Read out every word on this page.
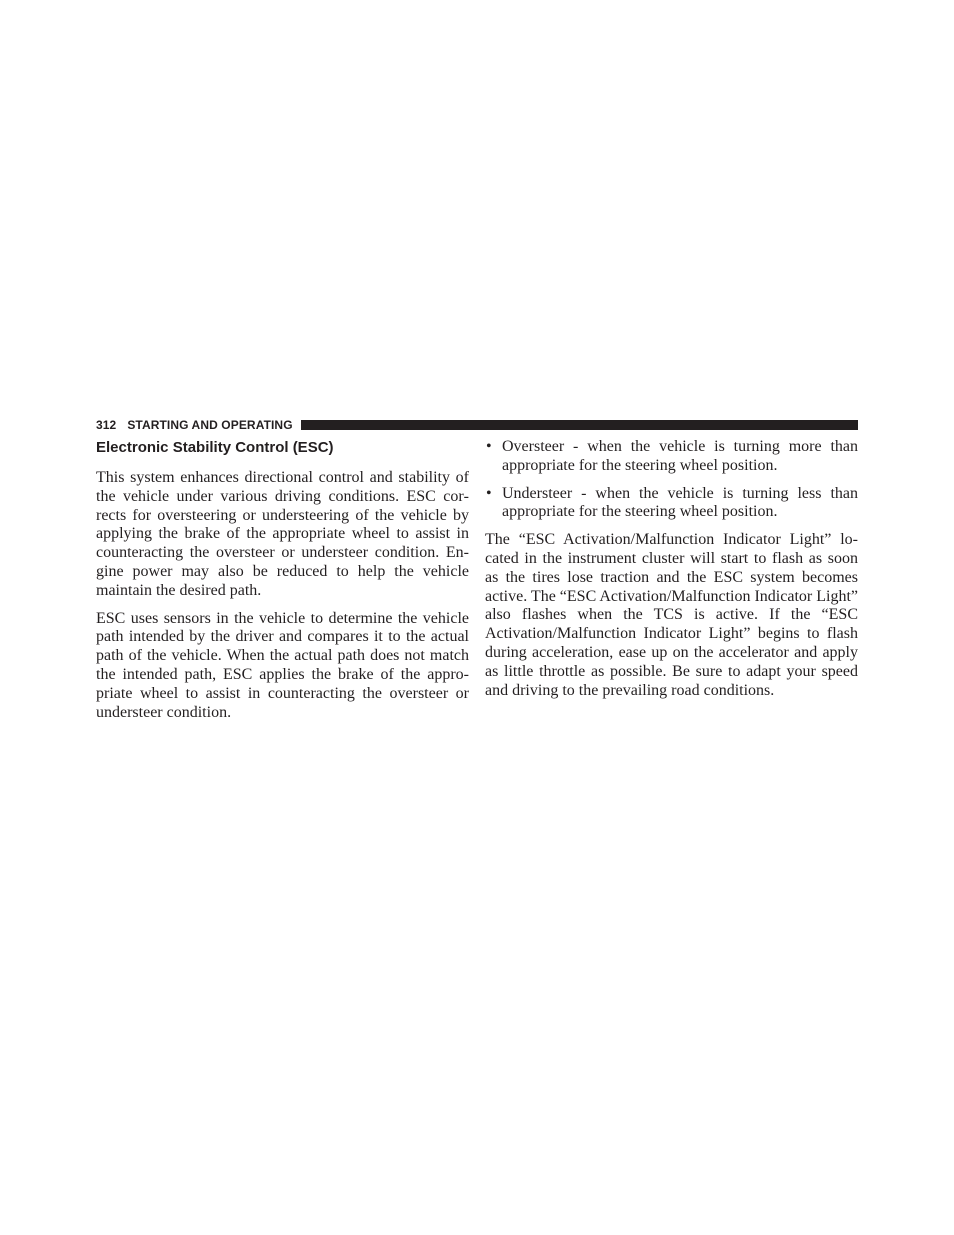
312 STARTING AND OPERATING
Electronic Stability Control (ESC)

This system enhances directional control and stability of the vehicle under various driving conditions. ESC corrects for oversteering or understeering of the vehicle by applying the brake of the appropriate wheel to assist in counteracting the oversteer or understeer condition. Engine power may also be reduced to help the vehicle maintain the desired path.

ESC uses sensors in the vehicle to determine the vehicle path intended by the driver and compares it to the actual path of the vehicle. When the actual path does not match the intended path, ESC applies the brake of the appropriate wheel to assist in counteracting the oversteer or understeer condition.

• Oversteer - when the vehicle is turning more than appropriate for the steering wheel position.
• Understeer - when the vehicle is turning less than appropriate for the steering wheel position.

The “ESC Activation/Malfunction Indicator Light” located in the instrument cluster will start to flash as soon as the tires lose traction and the ESC system becomes active. The “ESC Activation/Malfunction Indicator Light” also flashes when the TCS is active. If the “ESC Activation/Malfunction Indicator Light” begins to flash during acceleration, ease up on the accelerator and apply as little throttle as possible. Be sure to adapt your speed and driving to the prevailing road conditions.
